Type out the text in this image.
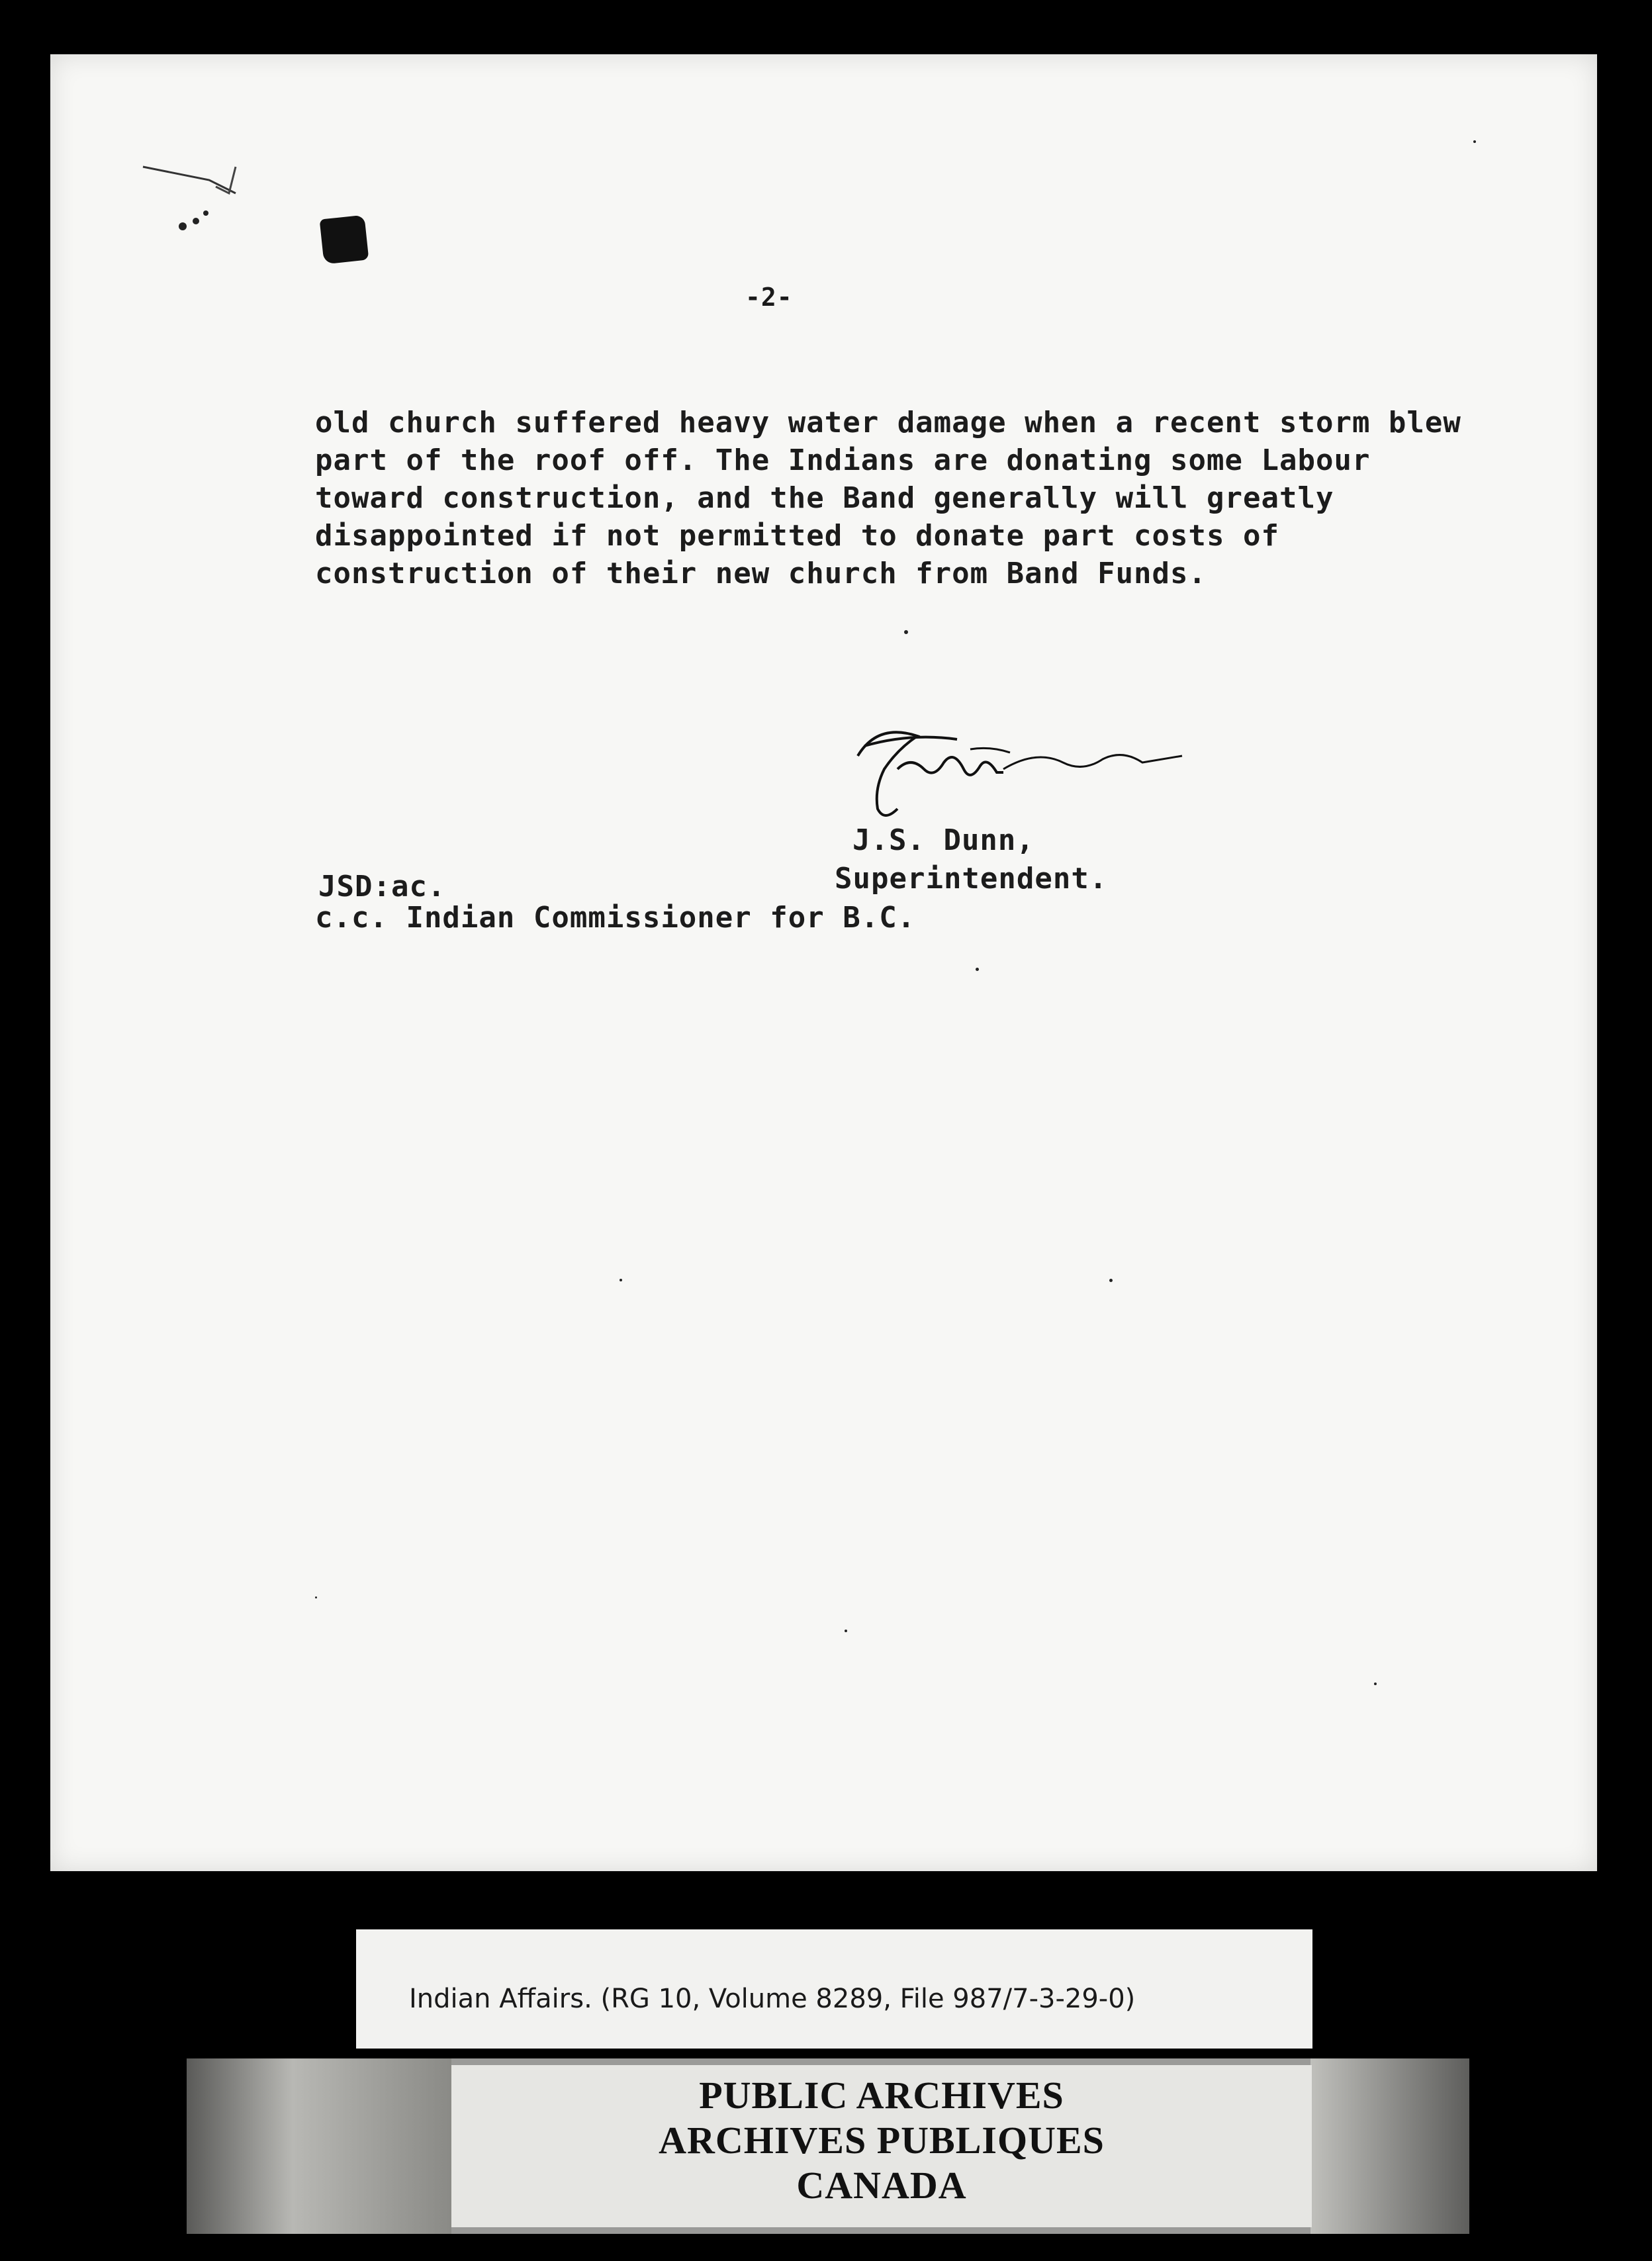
-2-
old church suffered heavy water damage when a recent storm blew
part of the roof off. The Indians are donating some Labour
toward construction, and the Band generally will greatly
disappointed if not permitted to donate part costs of
construction of their new church from Band Funds.
J.S. Dunn,
Superintendent.
JSD:ac.
c.c. Indian Commissioner for B.C.
Indian Affairs. (RG 10, Volume 8289, File 987/7-3-29-0)
PUBLIC ARCHIVES
ARCHIVES PUBLIQUES
CANADA
